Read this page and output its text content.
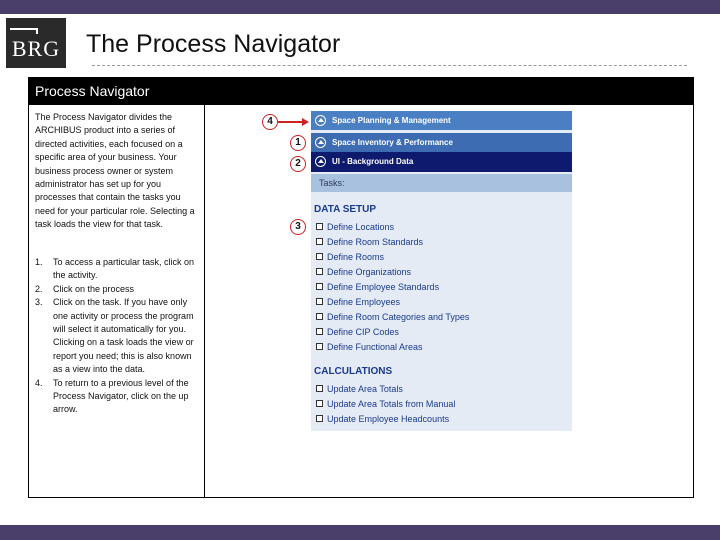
BRG The Process Navigator
Process Navigator
The Process Navigator divides the ARCHIBUS product into a series of directed activities, each focused on a specific area of your business. Your business process owner or system administrator has set up for you processes that contain the tasks you need for your particular role. Selecting a task loads the view for that task.
1. To access a particular task, click on the activity.
2. Click on the process
3. Click on the task. If you have only one activity or process the program will select it automatically for you. Clicking on a task loads the view or report you need; this is also known as a view into the data.
4. To return to a previous level of the Process Navigator, click on the up arrow.
4
1
2
3
Space Planning & Management
Space Inventory & Performance
UI - Background Data
Tasks:
DATA SETUP
Define Locations
Define Room Standards
Define Rooms
Define Organizations
Define Employee Standards
Define Employees
Define Room Categories and Types
Define CIP Codes
Define Functional Areas
CALCULATIONS
Update Area Totals
Update Area Totals from Manual
Update Employee Headcounts
